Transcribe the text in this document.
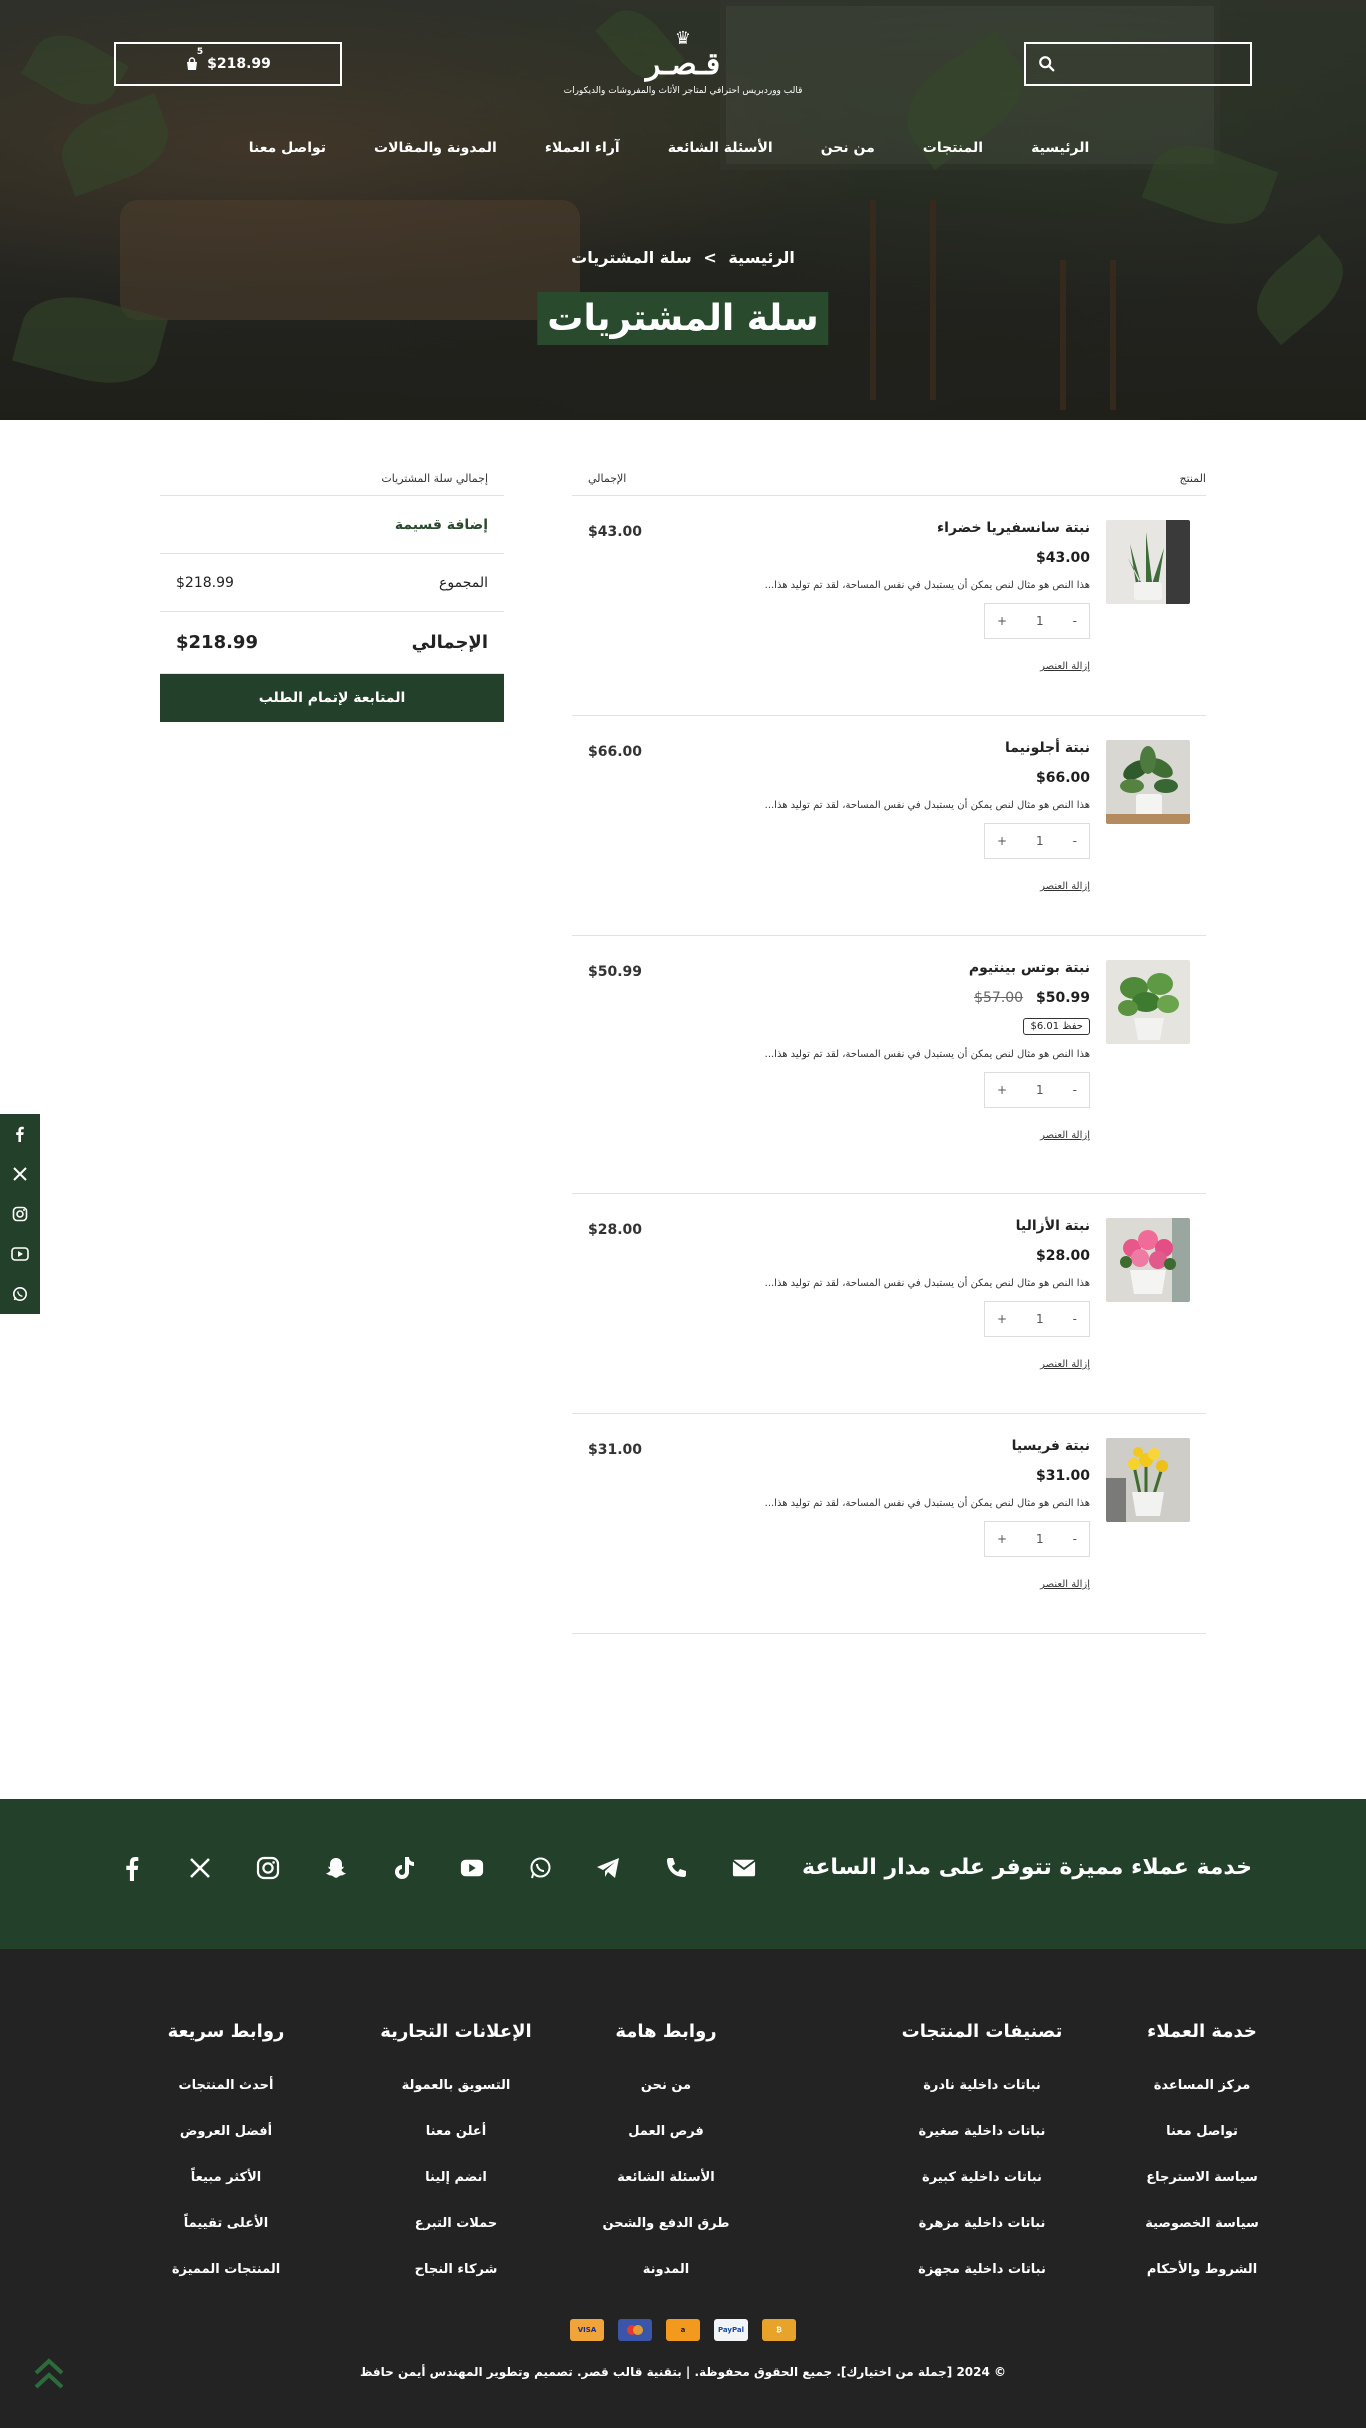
♛
قـصـر
قالب ووردبريس احترافي لمتاجر الأثاث والمفروشات والديكورات
$218.99
5
الرئيسية
المنتجات
من نحن
الأسئلة الشائعة
آراء العملاء
المدونة والمقالات
تواصل معنا
الرئيسية > سلة المشتريات
سلة المشتريات
المنتج
الإجمالي
نبتة سانسفيريا خضراء
$43.00
هذا النص هو مثال لنص يمكن أن يستبدل في نفس المساحة، لقد تم توليد هذا...
-
1
+
إزالة العنصر
$43.00
نبتة أجلونيما
$66.00
هذا النص هو مثال لنص يمكن أن يستبدل في نفس المساحة، لقد تم توليد هذا...
-
1
+
إزالة العنصر
$66.00
نبتة بوتس بينتيوم
$50.99 $57.00
حفظ 6.01$
هذا النص هو مثال لنص يمكن أن يستبدل في نفس المساحة، لقد تم توليد هذا...
-
1
+
إزالة العنصر
$50.99
نبتة الأزاليا
$28.00
هذا النص هو مثال لنص يمكن أن يستبدل في نفس المساحة، لقد تم توليد هذا...
-
1
+
إزالة العنصر
$28.00
نبتة فريسيا
$31.00
هذا النص هو مثال لنص يمكن أن يستبدل في نفس المساحة، لقد تم توليد هذا...
-
1
+
إزالة العنصر
$31.00
إجمالي سلة المشتريات
إضافة قسيمة
المجموع
$218.99
الإجمالي
$218.99
المتابعة لإتمام الطلب
خدمة عملاء مميزة تتوفر على مدار الساعة
خدمة العملاء
مركز المساعدة
تواصل معنا
سياسة الاسترجاع
سياسة الخصوصية
الشروط والأحكام
تصنيفات المنتجات
نباتات داخلية نادرة
نباتات داخلية صغيرة
نباتات داخلية كبيرة
نباتات داخلية مزهرة
نباتات داخلية مجهزة
روابط هامة
من نحن
فرص العمل
الأسئلة الشائعة
طرق الدفع والشحن
المدونة
الإعلانات التجارية
التسويق بالعمولة
أعلن معنا
انضم إلينا
حملات التبرع
شركاء النجاح
روابط سريعة
أحدث المنتجات
أفضل العروض
الأكثر مبيعاً
الأعلى تقييماً
المنتجات المميزة
₿
PayPal
a
VISA
© 2024 [جملة من اختيارك]. جميع الحقوق محفوظة. | بتقنية قالب قصر. تصميم وتطوير المهندس أيمن حافظ
